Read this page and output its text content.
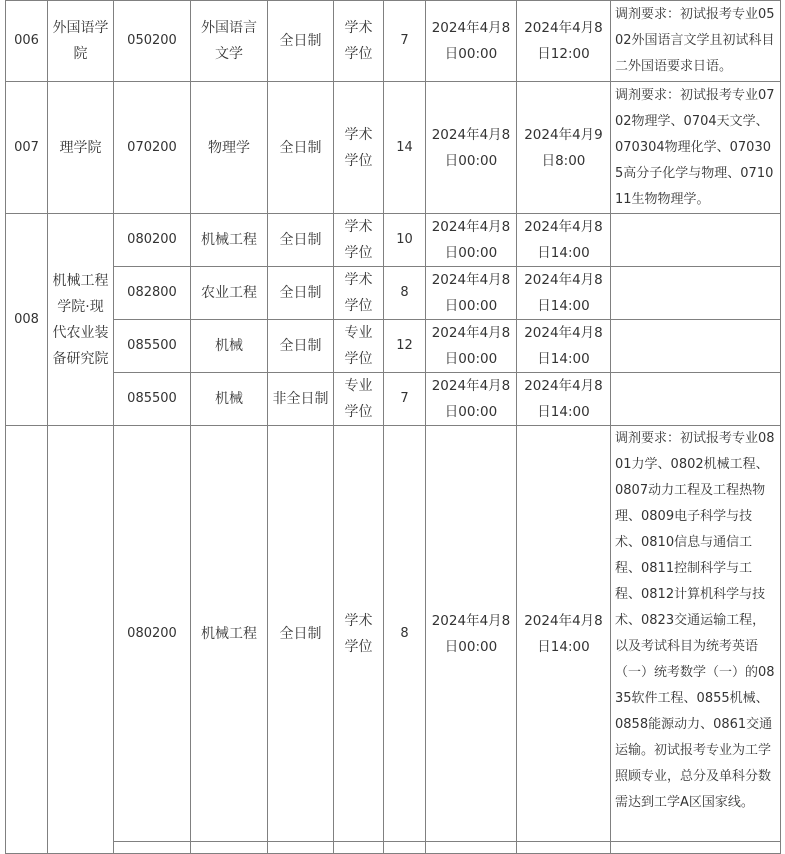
006	外国语学院	050200	外国语言文学	全日制	学术学位	7	2024年4月8日00:00	2024年4月8日12:00	调剂要求：初试报考专业0502外国语言文学且初试科目二外国语要求日语。
007	理学院	070200	物理学	全日制	学术学位	14	2024年4月8日00:00	2024年4月9日8:00	调剂要求：初试报考专业0702物理学、0704天文学、070304物理化学、070305高分子化学与物理、071011生物物理学。
008	机械工程学院·现代农业装备研究院	080200	机械工程	全日制	学术学位	10	2024年4月8日00:00	2024年4月8日14:00	
		082800	农业工程	全日制	学术学位	8	2024年4月8日00:00	2024年4月8日14:00	
		085500	机械	全日制	专业学位	12	2024年4月8日00:00	2024年4月8日14:00	
		085500	机械	非全日制	专业学位	7	2024年4月8日00:00	2024年4月8日14:00	
		080200	机械工程	全日制	学术学位	8	2024年4月8日00:00	2024年4月8日14:00	调剂要求：初试报考专业0801力学、0802机械工程、0807动力工程及工程热物理、0809电子科学与技术、0810信息与通信工程、0811控制科学与工程、0812计算机科学与技术、0823交通运输工程，以及考试科目为统考英语（一）统考数学（一）的0835软件工程、0855机械、0858能源动力、0861交通运输。初试报考专业为工学照顾专业，总分及单科分数需达到工学A区国家线。
